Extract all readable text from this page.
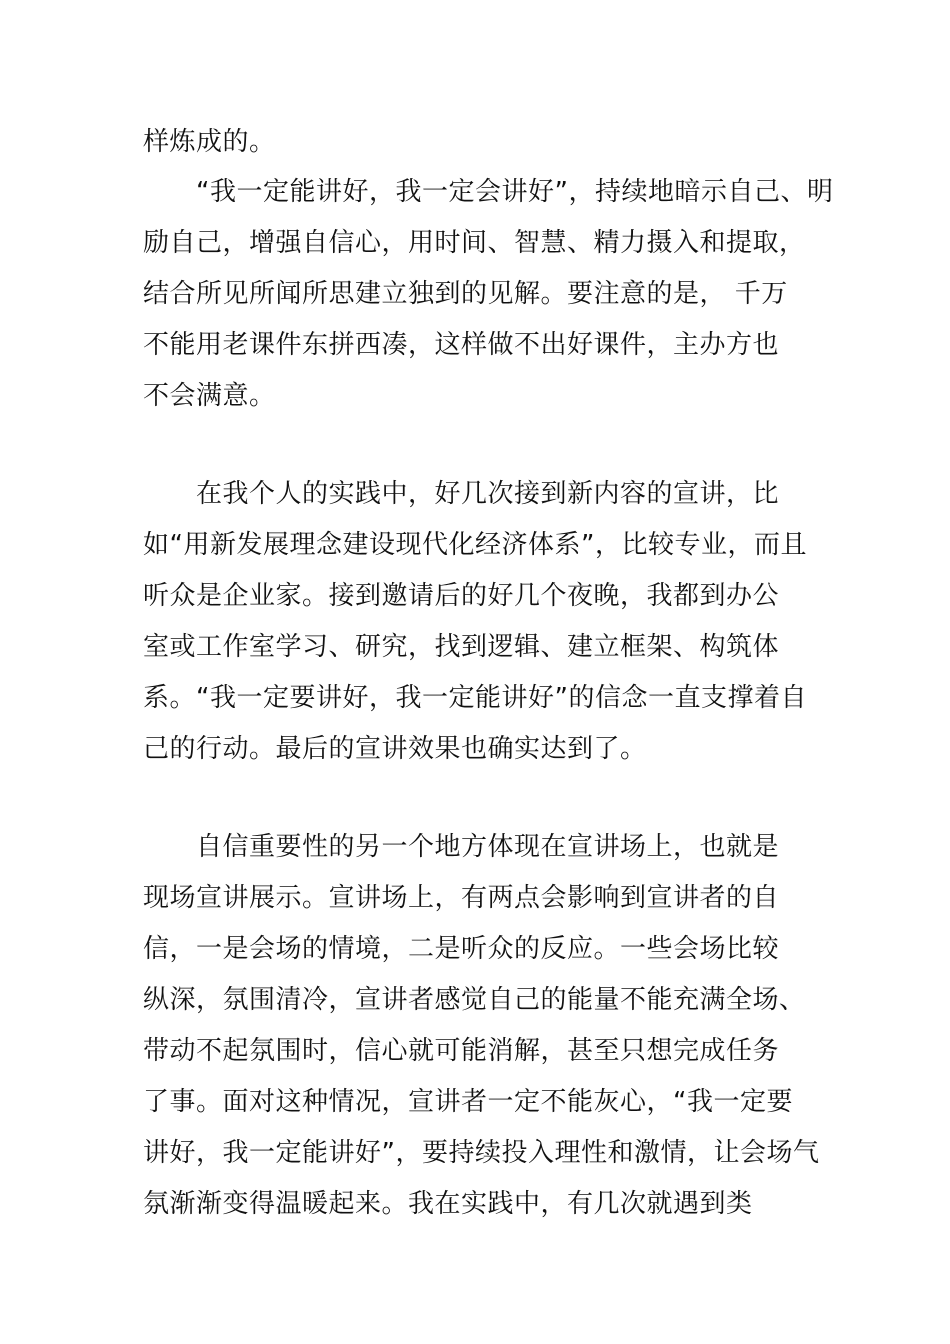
样炼成的。
“我一定能讲好，我一定会讲好”，持续地暗示自己、明
励自己，增强自信心，用时间、智慧、精力摄入和提取，
结合所见所闻所思建立独到的见解。要注意的是， 千万
不能用老课件东拼西凑，这样做不出好课件，主办方也
不会满意。
在我个人的实践中，好几次接到新内容的宣讲，比
如“用新发展理念建设现代化经济体系”，比较专业，而且
听众是企业家。接到邀请后的好几个夜晚，我都到办公
室或工作室学习、研究，找到逻辑、建立框架、构筑体
系。“我一定要讲好，我一定能讲好”的信念一直支撑着自
己的行动。最后的宣讲效果也确实达到了。
自信重要性的另一个地方体现在宣讲场上，也就是
现场宣讲展示。宣讲场上，有两点会影响到宣讲者的自
信，一是会场的情境，二是听众的反应。一些会场比较
纵深，氛围清冷，宣讲者感觉自己的能量不能充满全场、
带动不起氛围时，信心就可能消解，甚至只想完成任务
了事。面对这种情况，宣讲者一定不能灰心，“我一定要
讲好，我一定能讲好”，要持续投入理性和激情，让会场气
氛渐渐变得温暖起来。我在实践中，有几次就遇到类
